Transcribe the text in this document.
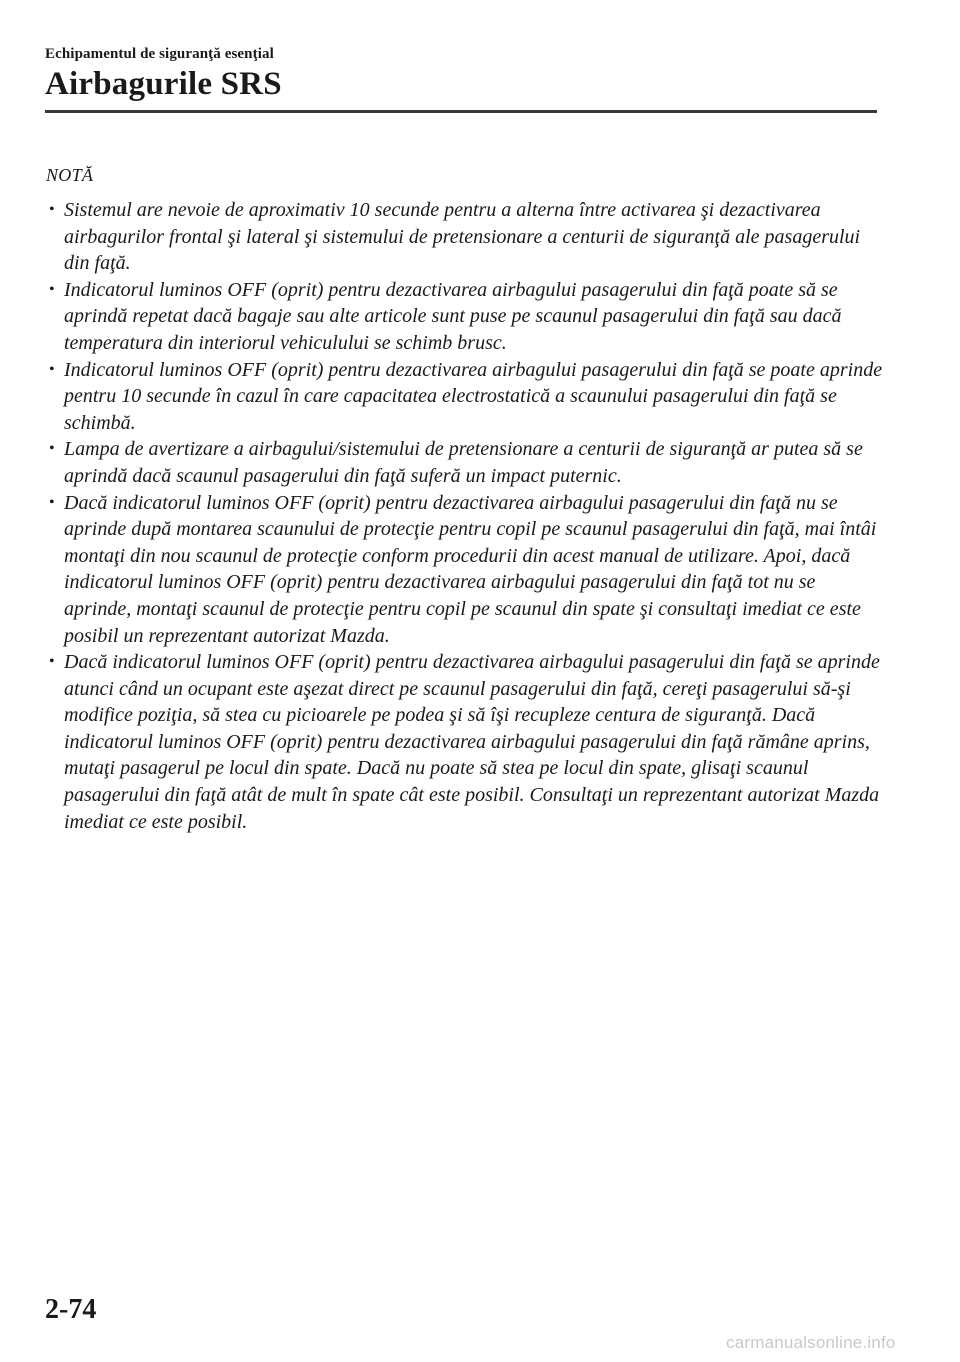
Echipamentul de siguranţă esenţial
Airbagurile SRS
NOTĂ
• Sistemul are nevoie de aproximativ 10 secunde pentru a alterna între activarea şi dezactivarea airbagurilor frontal şi lateral şi sistemului de pretensionare a centurii de siguranţă ale pasagerului din faţă.
• Indicatorul luminos OFF (oprit) pentru dezactivarea airbagului pasagerului din faţă poate să se aprindă repetat dacă bagaje sau alte articole sunt puse pe scaunul pasagerului din faţă sau dacă temperatura din interiorul vehiculului se schimb brusc.
• Indicatorul luminos OFF (oprit) pentru dezactivarea airbagului pasagerului din faţă se poate aprinde pentru 10 secunde în cazul în care capacitatea electrostatică a scaunului pasagerului din faţă se schimbă.
• Lampa de avertizare a airbagului/sistemului de pretensionare a centurii de siguranţă ar putea să se aprindă dacă scaunul pasagerului din faţă suferă un impact puternic.
• Dacă indicatorul luminos OFF (oprit) pentru dezactivarea airbagului pasagerului din faţă nu se aprinde după montarea scaunului de protecţie pentru copil pe scaunul pasagerului din faţă, mai întâi montaţi din nou scaunul de protecţie conform procedurii din acest manual de utilizare. Apoi, dacă indicatorul luminos OFF (oprit) pentru dezactivarea airbagului pasagerului din faţă tot nu se aprinde, montaţi scaunul de protecţie pentru copil pe scaunul din spate şi consultaţi imediat ce este posibil un reprezentant autorizat Mazda.
• Dacă indicatorul luminos OFF (oprit) pentru dezactivarea airbagului pasagerului din faţă se aprinde atunci când un ocupant este aşezat direct pe scaunul pasagerului din faţă, cereţi pasagerului să-şi modifice poziţia, să stea cu picioarele pe podea şi să îşi recupleze centura de siguranţă. Dacă indicatorul luminos OFF (oprit) pentru dezactivarea airbagului pasagerului din faţă rămâne aprins, mutaţi pasagerul pe locul din spate. Dacă nu poate să stea pe locul din spate, glisaţi scaunul pasagerului din faţă atât de mult în spate cât este posibil. Consultaţi un reprezentant autorizat Mazda imediat ce este posibil.
2-74
carmanualsonline.info
